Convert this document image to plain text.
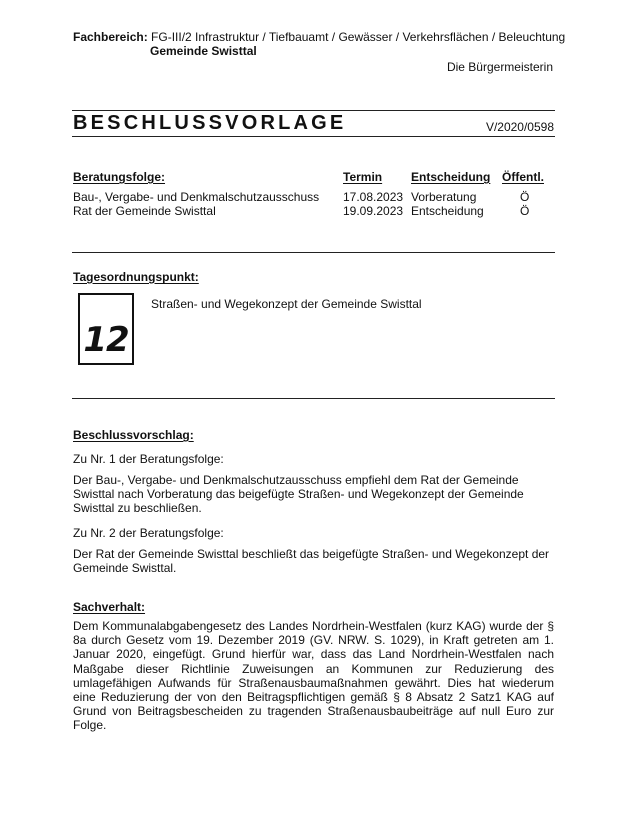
Fachbereich: FG-III/2 Infrastruktur / Tiefbauamt / Gewässer / Verkehrsflächen / Beleuchtung
Gemeinde Swisttal
Die Bürgermeisterin
BESCHLUSSVORLAGE	V/2020/0598
Beratungsfolge:	Termin Entscheidung Öffentl.
Bau-, Vergabe- und Denkmalschutzausschuss 17.08.2023 Vorberatung	Ö
Rat der Gemeinde Swisttal	19.09.2023 Entscheidung	Ö
Tagesordnungspunkt:
12
Straßen- und Wegekonzept der Gemeinde Swisttal
Beschlussvorschlag:
Zu Nr. 1 der Beratungsfolge:
Der Bau-, Vergabe- und Denkmalschutzausschuss empfiehl dem Rat der Gemeinde Swisttal nach Vorberatung das beigefügte Straßen- und Wegekonzept der Gemeinde Swisttal zu beschließen.
Zu Nr. 2 der Beratungsfolge:
Der Rat der Gemeinde Swisttal beschließt das beigefügte Straßen- und Wegekonzept der Gemeinde Swisttal.
Sachverhalt:
Dem Kommunalabgabengesetz des Landes Nordrhein-Westfalen (kurz KAG) wurde der § 8a durch Gesetz vom 19. Dezember 2019 (GV. NRW. S. 1029), in Kraft getreten am 1. Januar 2020, eingefügt. Grund hierfür war, dass das Land Nordrhein-Westfalen nach Maßgabe dieser Richtlinie Zuweisungen an Kommunen zur Reduzierung des umlagefähigen Aufwands für Straßenausbaumaßnahmen gewährt. Dies hat wiederum eine Reduzierung der von den Beitragspflichtigen gemäß § 8 Absatz 2 Satz1 KAG auf Grund von Beitragsbescheiden zu tragenden Straßenausbaubeiträge auf null Euro zur Folge.
